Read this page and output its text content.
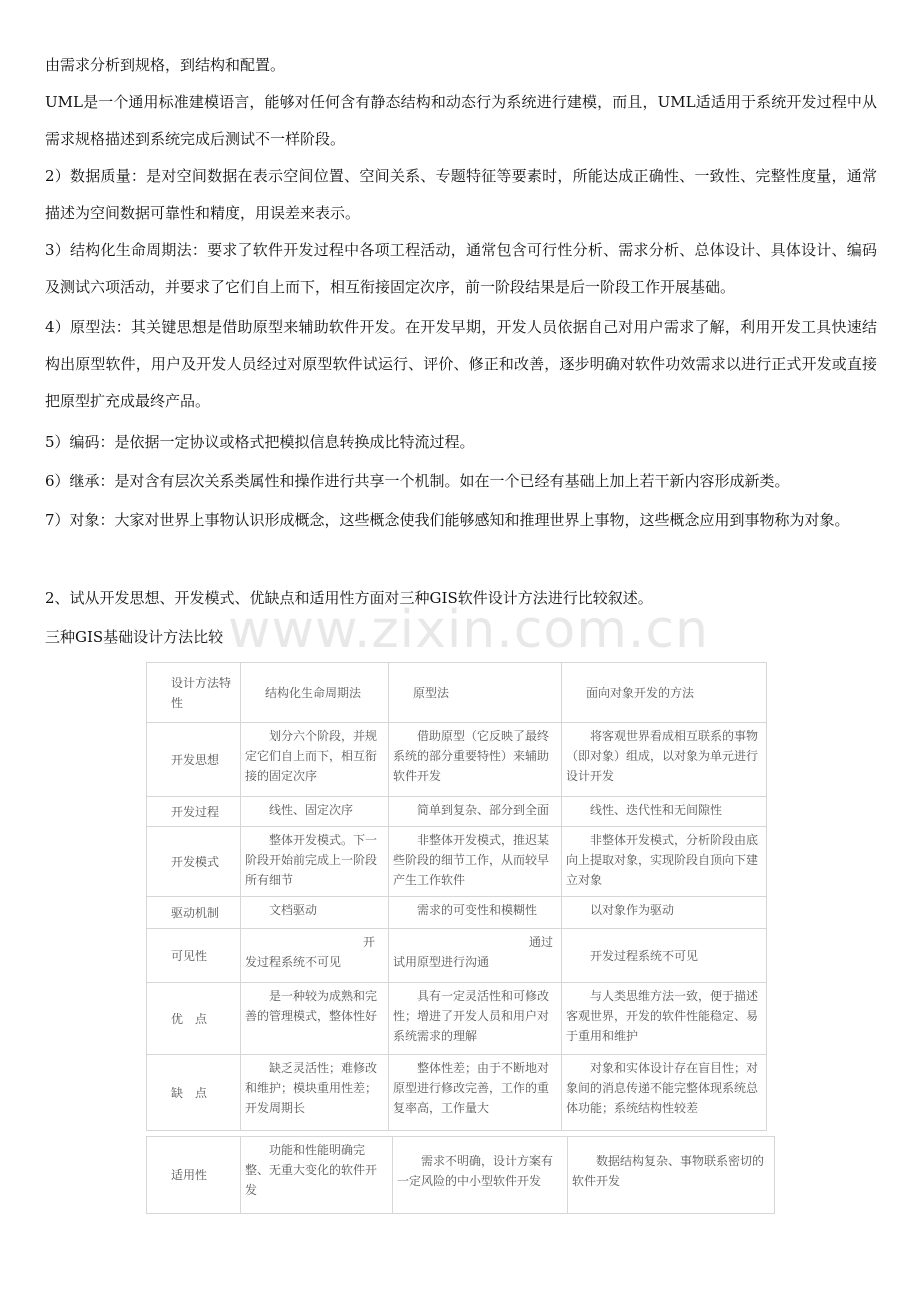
由需求分析到规格，到结构和配置。

UML是一个通用标准建模语言，能够对任何含有静态结构和动态行为系统进行建模，而且，UML适适用于系统开发过程中从需求规格描述到系统完成后测试不一样阶段。

2）数据质量：是对空间数据在表示空间位置、空间关系、专题特征等要素时，所能达成正确性、一致性、完整性度量，通常描述为空间数据可靠性和精度，用误差来表示。

3）结构化生命周期法：要求了软件开发过程中各项工程活动，通常包含可行性分析、需求分析、总体设计、具体设计、编码及测试六项活动，并要求了它们自上而下，相互衔接固定次序，前一阶段结果是后一阶段工作开展基础。

4）原型法：其关键思想是借助原型来辅助软件开发。在开发早期，开发人员依据自己对用户需求了解，利用开发工具快速结构出原型软件，用户及开发人员经过对原型软件试运行、评价、修正和改善，逐步明确对软件功效需求以进行正式开发或直接把原型扩充成最终产品。

5）编码：是依据一定协议或格式把模拟信息转换成比特流过程。

6）继承：是对含有层次关系类属性和操作进行共享一个机制。如在一个已经有基础上加上若干新内容形成新类。

7）对象：大家对世界上事物认识形成概念，这些概念使我们能够感知和推理世界上事物，这些概念应用到事物称为对象。

2、试从开发思想、开发模式、优缺点和适用性方面对三种GIS软件设计方法进行比较叙述。

三种GIS基础设计方法比较 www.zixin.com.cn
设计方法特性	结构化生命周期法	原型法	面向对象开发的方法
开发思想	划分六个阶段，并规定它们自上而下，相互衔接的固定次序	借助原型（它反映了最终系统的部分重要特性）来辅助软件开发	将客观世界看成相互联系的事物（即对象）组成，以对象为单元进行设计开发
开发过程	线性、固定次序	简单到复杂、部分到全面	线性、迭代性和无间隙性
开发模式	整体开发模式。下一阶段开始前完成上一阶段所有细节	非整体开发模式，推迟某些阶段的细节工作，从而较早产生工作软件	非整体开发模式，分析阶段由底向上提取对象，实现阶段自顶向下建立对象
驱动机制	文档驱动	需求的可变性和模糊性	以对象作为驱动
可见性	开发过程系统不可见	通过试用原型进行沟通	开发过程系统不可见
优　点	是一种较为成熟和完善的管理模式，整体性好	具有一定灵活性和可修改性；增进了开发人员和用户对系统需求的理解	与人类思维方法一致，便于描述客观世界，开发的软件性能稳定、易于重用和维护
缺　点	缺乏灵活性；难修改和维护；模块重用性差；开发周期长	整体性差；由于不断地对原型进行修改完善，工作的重复率高，工作量大	对象和实体设计存在盲目性；对象间的消息传递不能完整体现系统总体功能；系统结构性较差
适用性	功能和性能明确完整、无重大变化的软件开发	需求不明确，设计方案有一定风险的中小型软件开发	数据结构复杂、事物联系密切的软件开发
